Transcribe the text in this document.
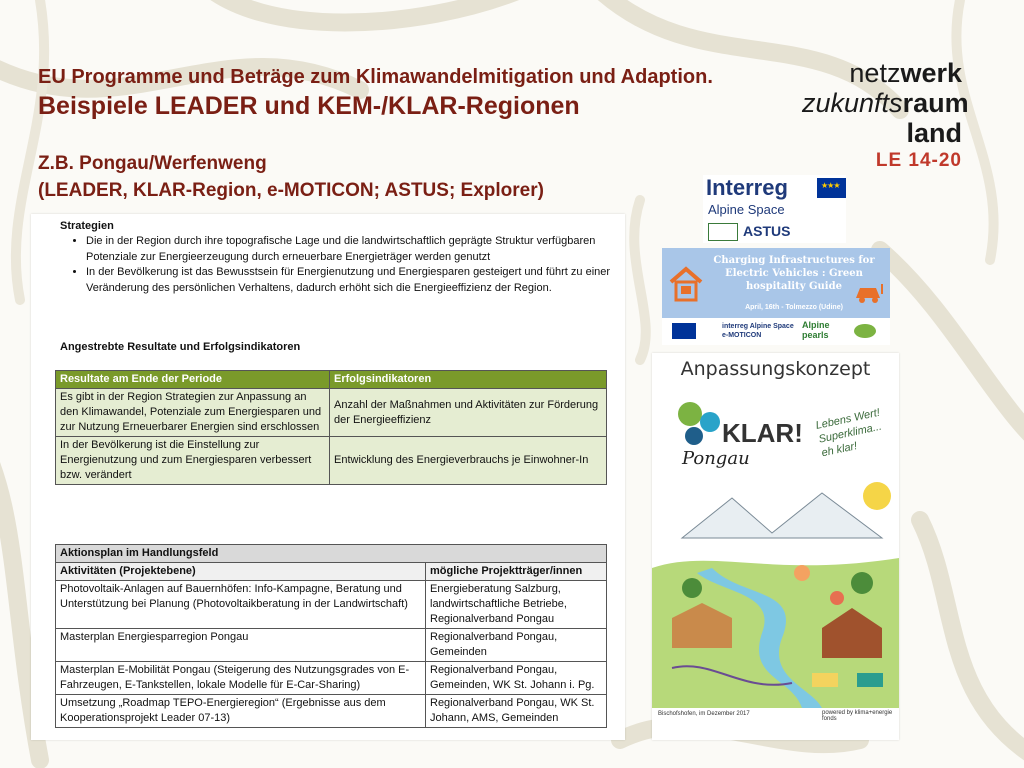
EU Programme und Beträge zum Klimawandelmitigation und Adaption.
Beispiele LEADER und KEM-/KLAR-Regionen
Z.B. Pongau/Werfenweng
(LEADER, KLAR-Region, e-MOTICON; ASTUS; Explorer)
netzwerk
zukunftsraum
land
LE 14-20
Strategien
• Die in der Region durch ihre topografische Lage und die landwirtschaftlich geprägte Struktur verfügbaren Potenziale zur Energieerzeugung durch erneuerbare Energieträger werden genutzt
• In der Bevölkerung ist das Bewusstsein für Energienutzung und Energiesparen gesteigert und führt zu einer Veränderung des persönlichen Verhaltens, dadurch erhöht sich die Energieeffizienz der Region.
Angestrebte Resultate und Erfolgsindikatoren
Resultate am Ende der Periode	Erfolgsindikatoren
Es gibt in der Region Strategien zur Anpassung an den Klimawandel, Potenziale zum Energiesparen und zur Nutzung Erneuerbarer Energien sind erschlossen	Anzahl der Maßnahmen und Aktivitäten zur Förderung der Energieeffizienz
In der Bevölkerung ist die Einstellung zur Energienutzung und zum Energiesparen verbessert bzw. verändert	Entwicklung des Energieverbrauchs je Einwohner-In
Aktionsplan im Handlungsfeld	
Aktivitäten (Projektebene)	mögliche Projektträger/innen
Photovoltaik-Anlagen auf Bauernhöfen: Info-Kampagne, Beratung und Unterstützung bei Planung (Photovoltaikberatung in der Landwirtschaft)	Energieberatung Salzburg, landwirtschaftliche Betriebe, Regionalverband Pongau
Masterplan Energiesparregion Pongau	Regionalverband Pongau, Gemeinden
Masterplan E-Mobilität Pongau (Steigerung des Nutzungsgrades von E-Fahrzeugen, E-Tankstellen, lokale Modelle für E-Car-Sharing)	Regionalverband Pongau, Gemeinden, WK St. Johann i. Pg.
Umsetzung „Roadmap TEPO-Energieregion“ (Ergebnisse aus dem Kooperationsprojekt Leader 07-13)	Regionalverband Pongau, WK St. Johann, AMS, Gemeinden
Interreg	★★★
Alpine Space
ASTUS
Charging Infrastructures for Electric Vehicles : Green hospitality Guide
April, 16th - Tolmezzo (Udine)
interreg Alpine Space e-MOTICON
Alpine pearls
Anpassungskonzept
KLAR!
Pongau
Lebens Wert! Superklima... eh klar!
Bischofshofen, im Dezember 2017	powered by klima+energie fonds
